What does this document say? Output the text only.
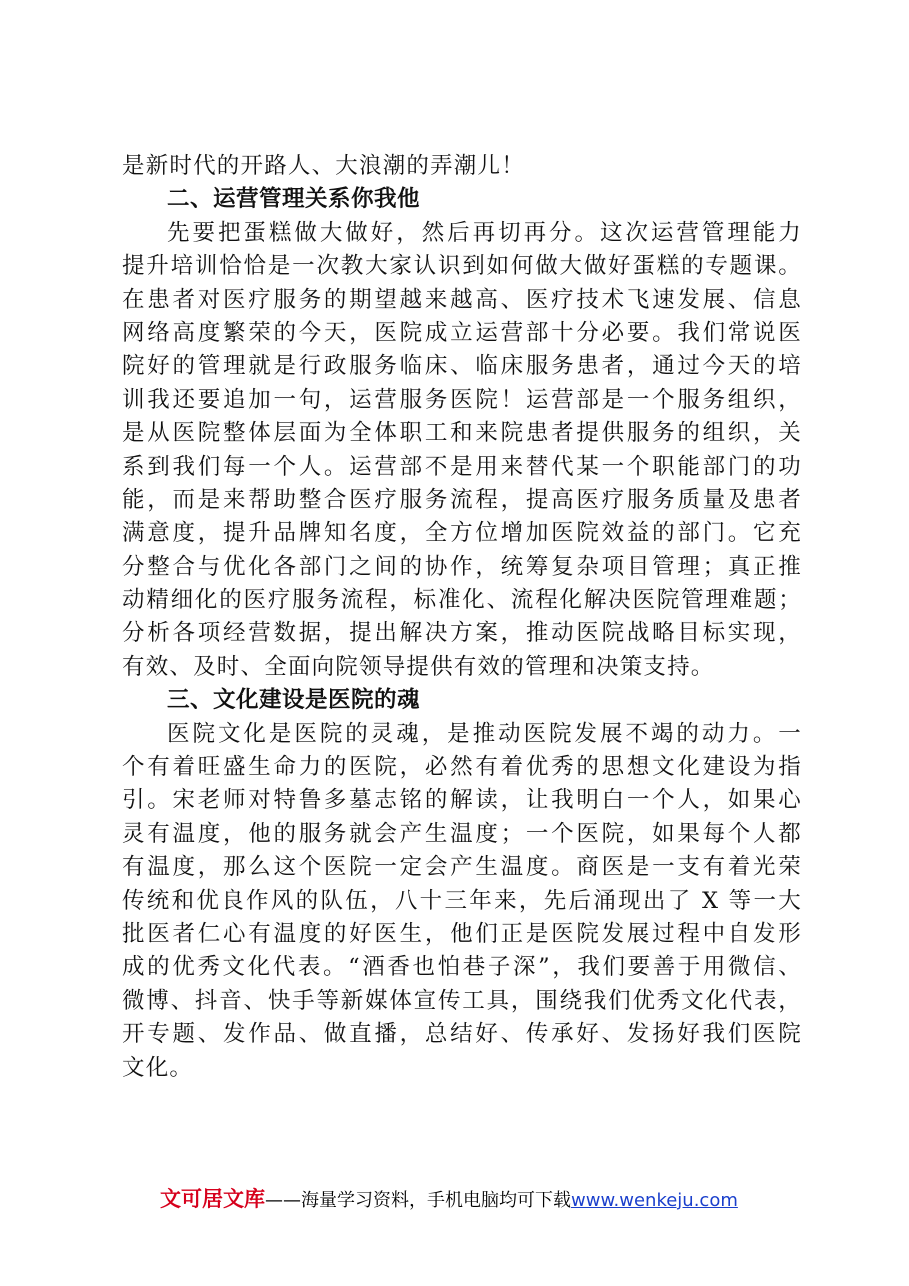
是新时代的开路人、大浪潮的弄潮儿！
二、运营管理关系你我他
先要把蛋糕做大做好，然后再切再分。这次运营管理能力
提升培训恰恰是一次教大家认识到如何做大做好蛋糕的专题课。
在患者对医疗服务的期望越来越高、医疗技术飞速发展、信息
网络高度繁荣的今天，医院成立运营部十分必要。我们常说医
院好的管理就是行政服务临床、临床服务患者，通过今天的培
训我还要追加一句，运营服务医院！运营部是一个服务组织，
是从医院整体层面为全体职工和来院患者提供服务的组织，关
系到我们每一个人。运营部不是用来替代某一个职能部门的功
能，而是来帮助整合医疗服务流程，提高医疗服务质量及患者
满意度，提升品牌知名度，全方位增加医院效益的部门。它充
分整合与优化各部门之间的协作，统筹复杂项目管理；真正推
动精细化的医疗服务流程，标准化、流程化解决医院管理难题；
分析各项经营数据，提出解决方案，推动医院战略目标实现，
有效、及时、全面向院领导提供有效的管理和决策支持。
三、文化建设是医院的魂
医院文化是医院的灵魂，是推动医院发展不竭的动力。一
个有着旺盛生命力的医院，必然有着优秀的思想文化建设为指
引。宋老师对特鲁多墓志铭的解读，让我明白一个人，如果心
灵有温度，他的服务就会产生温度；一个医院，如果每个人都
有温度，那么这个医院一定会产生温度。商医是一支有着光荣
传统和优良作风的队伍，八十三年来，先后涌现出了 X 等一大
批医者仁心有温度的好医生，他们正是医院发展过程中自发形
成的优秀文化代表。“酒香也怕巷子深”，我们要善于用微信、
微博、抖音、快手等新媒体宣传工具，围绕我们优秀文化代表，
开专题、发作品、做直播，总结好、传承好、发扬好我们医院
文化。
文可居文库——海量学习资料，手机电脑均可下载www.wenkeju.com
